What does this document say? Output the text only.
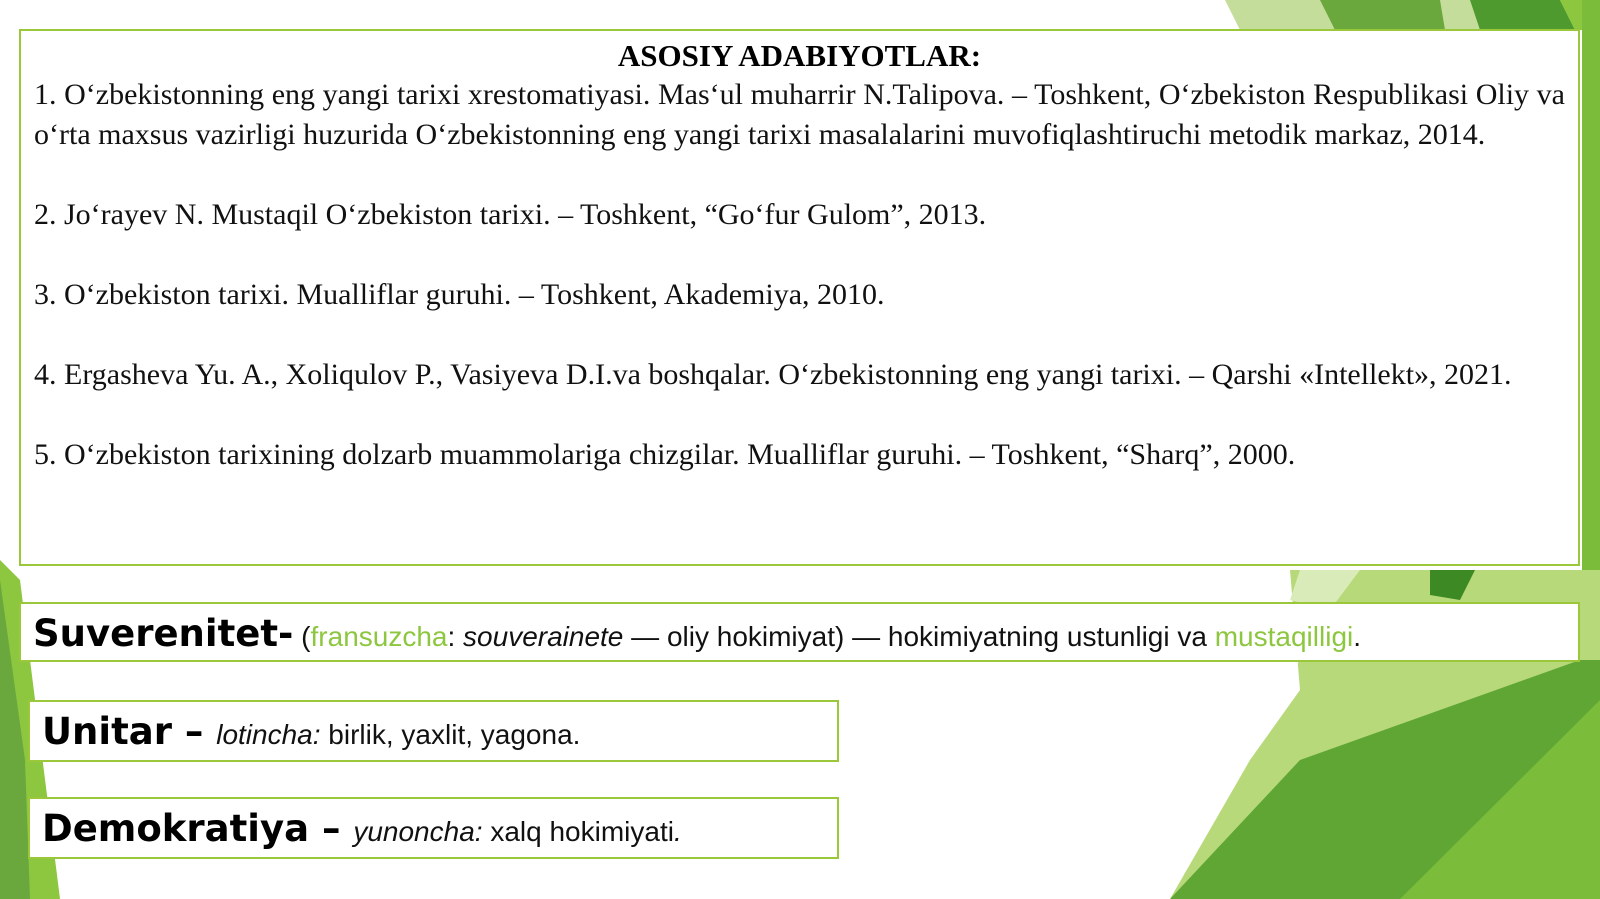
ASOSIY ADABIYOTLAR:

1. O‘zbekistonning eng yangi tarixi xrestomatiyasi. Mas‘ul muharrir N.Talipova. – Toshkent, O‘zbekiston Respublikasi Oliy va o‘rta maxsus vazirligi huzurida O‘zbekistonning eng yangi tarixi masalalarini muvofiqlashtiruchi metodik markaz, 2014.

2. Jo‘rayev N. Mustaqil O‘zbekiston tarixi. – Toshkent, “Go‘fur Gulom”, 2013.

3. O‘zbekiston tarixi. Mualliflar guruhi. – Toshkent, Akademiya, 2010.

4. Ergasheva Yu. A., Xoliqulov P., Vasiyeva D.I.va boshqalar. O‘zbekistonning eng yangi tarixi. – Qarshi «Intellekt», 2021.

5. O‘zbekiston tarixining dolzarb muammolariga chizgilar. Mualliflar guruhi. – Toshkent, “Sharq”, 2000.

Suverenitet- (fransuzcha: souverainete — oliy hokimiyat) — hokimiyatning ustunligi va mustaqilligi.
Unitar – lotincha: birlik, yaxlit, yagona.
Demokratiya – yunoncha: xalq hokimiyati.
